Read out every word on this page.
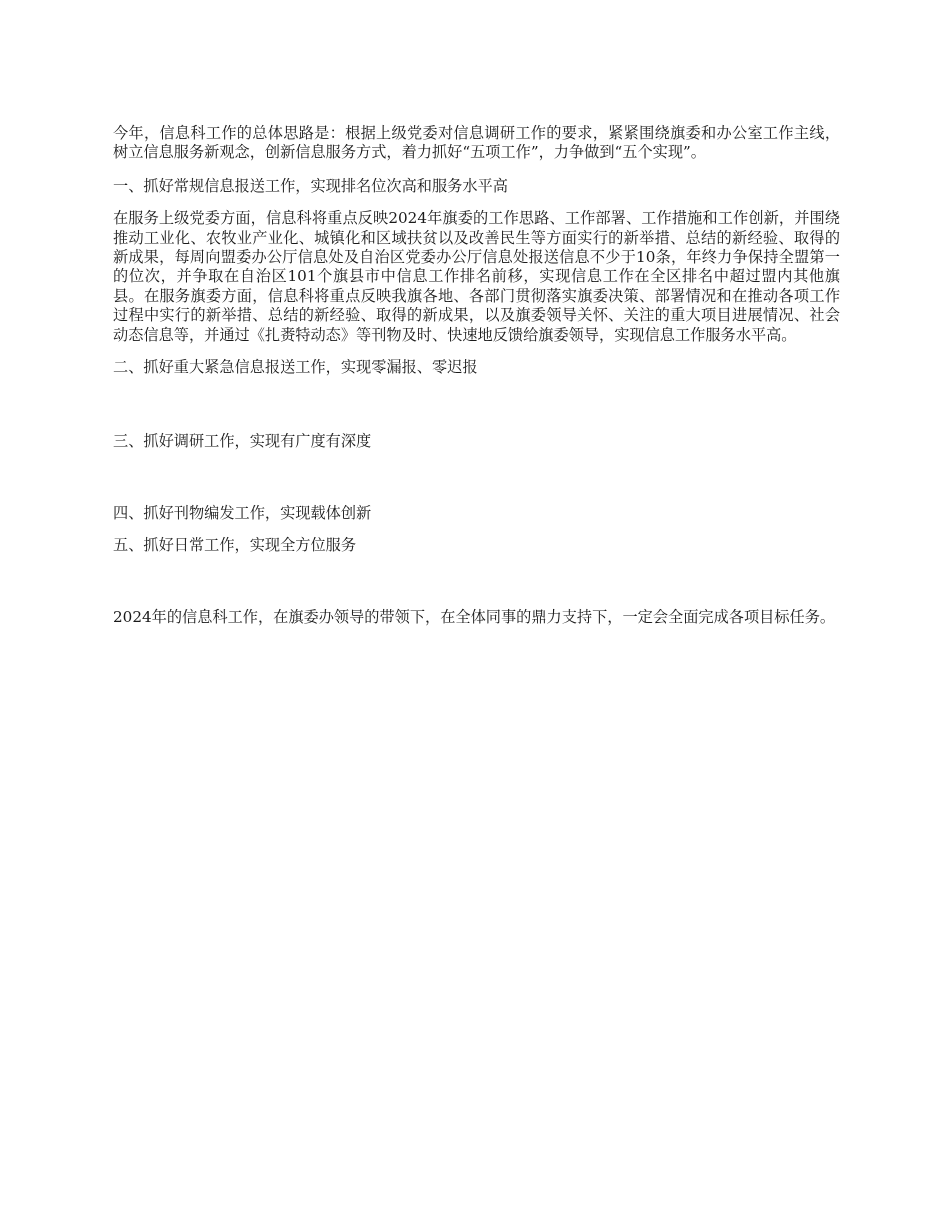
今年，信息科工作的总体思路是：根据上级党委对信息调研工作的要求，紧紧围绕旗委和办公室工作主线，树立信息服务新观念，创新信息服务方式，着力抓好“五项工作”，力争做到“五个实现”。

一、抓好常规信息报送工作，实现排名位次高和服务水平高

在服务上级党委方面，信息科将重点反映2024年旗委的工作思路、工作部署、工作措施和工作创新，并围绕推动工业化、农牧业产业化、城镇化和区域扶贫以及改善民生等方面实行的新举措、总结的新经验、取得的新成果，每周向盟委办公厅信息处及自治区党委办公厅信息处报送信息不少于10条，年终力争保持全盟第一的位次，并争取在自治区101个旗县市中信息工作排名前移，实现信息工作在全区排名中超过盟内其他旗县。在服务旗委方面，信息科将重点反映我旗各地、各部门贯彻落实旗委决策、部署情况和在推动各项工作过程中实行的新举措、总结的新经验、取得的新成果，以及旗委领导关怀、关注的重大项目进展情况、社会动态信息等，并通过《扎赉特动态》等刊物及时、快速地反馈给旗委领导，实现信息工作服务水平高。

二、抓好重大紧急信息报送工作，实现零漏报、零迟报

三、抓好调研工作，实现有广度有深度

四、抓好刊物编发工作，实现载体创新

五、抓好日常工作，实现全方位服务

2024年的信息科工作，在旗委办领导的带领下，在全体同事的鼎力支持下，一定会全面完成各项目标任务。
